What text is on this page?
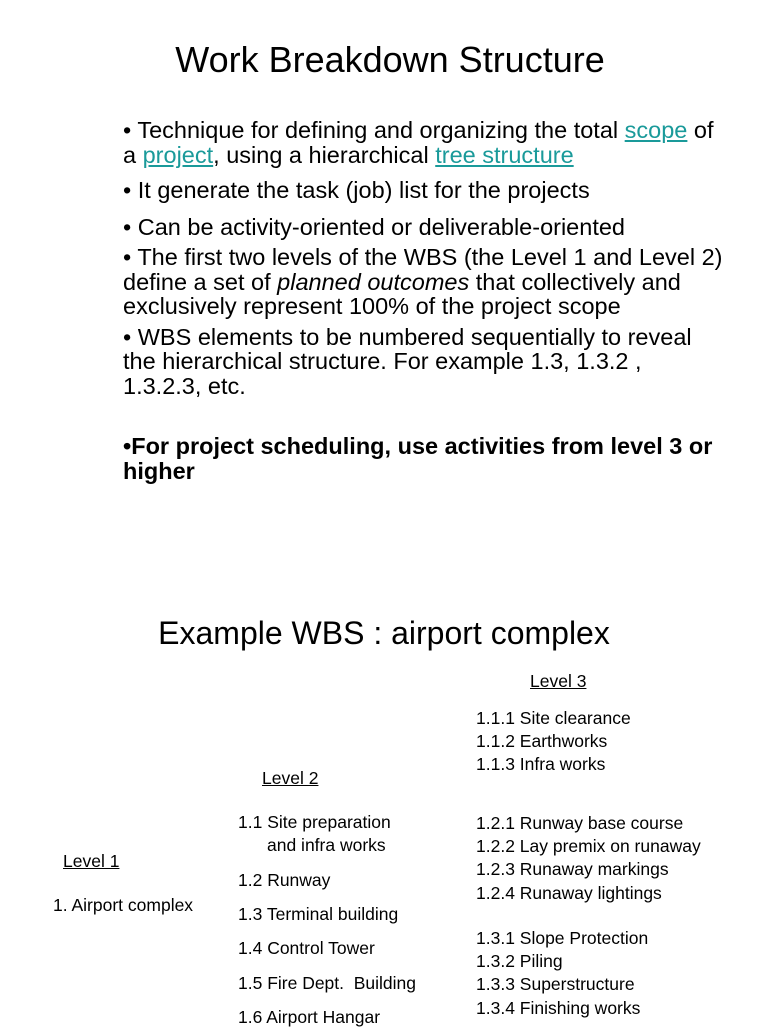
Work Breakdown Structure

• Technique for defining and organizing the total scope of a project, using a hierarchical tree structure

• It generate the task (job) list for the projects

• Can be activity-oriented or deliverable-oriented

• The first two levels of the WBS (the Level 1 and Level 2) define a set of planned outcomes that collectively and exclusively represent 100% of the project scope

• WBS elements to be numbered sequentially to reveal the hierarchical structure. For example 1.3, 1.3.2 , 1.3.2.3, etc.

•For project scheduling, use activities from level 3 or higher

Example WBS : airport complex
Level 3
1.1.1 Site clearance
1.1.2 Earthworks
1.1.3 Infra works
1.2.1 Runway base course
1.2.2 Lay premix on runaway
1.2.3 Runaway markings
1.2.4 Runaway lightings
1.3.1 Slope Protection
1.3.2 Piling
1.3.3 Superstructure
1.3.4 Finishing works
Level 2
1.1 Site preparation
and infra works
1.2 Runway
1.3 Terminal building
1.4 Control Tower
1.5 Fire Dept.  Building
1.6 Airport Hangar
Level 1
1. Airport complex
